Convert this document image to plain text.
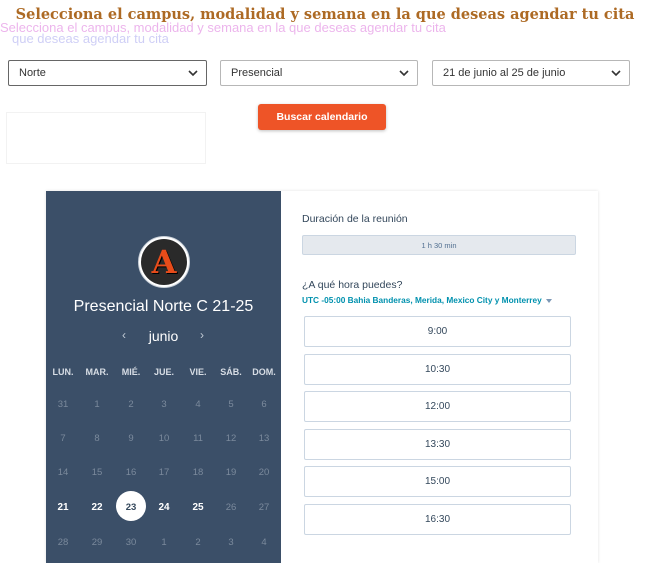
Selecciona el campus, modalidad y semana en la que deseas agendar tu cita
Selecciona el campus, modalidad y semana en la que deseas agendar tu cita
que deseas agendar tu cita
Norte	Presencial	21 de junio al 25 de junio
Buscar calendario
A
Presencial Norte C 21-25
‹ junio ›
LUN.	MAR.	MIÉ.	JUE.	VIE.	SÁB.	DOM.
31	1	2	3	4	5	6
7	8	9	10	11	12	13
14	15	16	17	18	19	20
21	22	23	24	25	26	27
28	29	30	1	2	3	4
Duración de la reunión
1 h 30 min
¿A qué hora puedes?
UTC -05:00 Bahia Banderas, Merida, Mexico City y Monterrey
9:00
10:30
12:00
13:30
15:00
16:30
